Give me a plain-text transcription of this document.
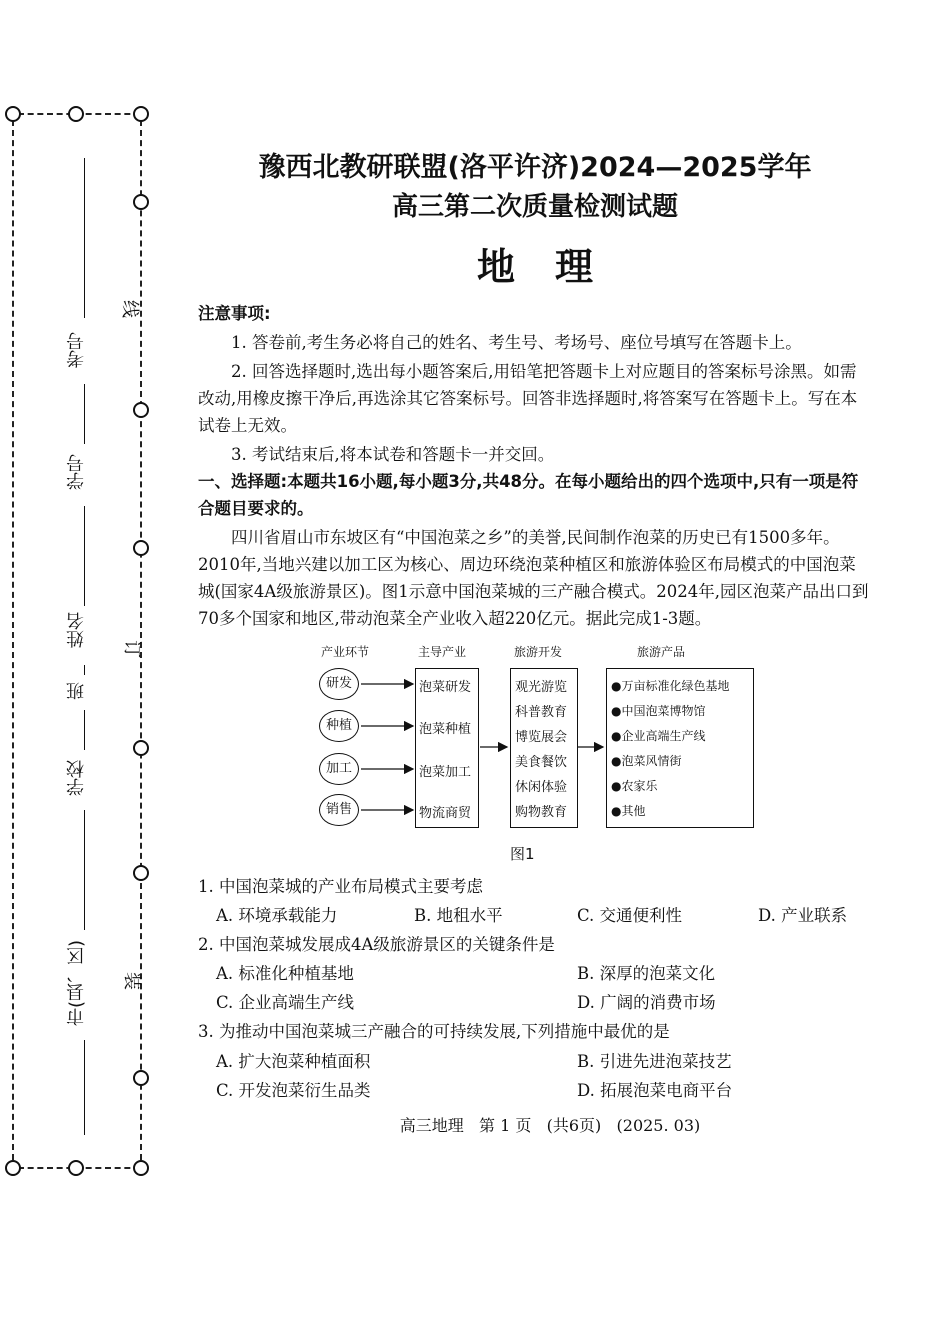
线
订
装
考号
学号
姓名
班
学校
市(县、区)
豫西北教研联盟(洛平许济)2024—2025学年
高三第二次质量检测试题
地理

注意事项:

1. 答卷前,考生务必将自己的姓名、考生号、考场号、座位号填写在答题卡上。

2. 回答选择题时,选出每小题答案后,用铅笔把答题卡上对应题目的答案标号涂黑。如需改动,用橡皮擦干净后,再选涂其它答案标号。回答非选择题时,将答案写在答题卡上。写在本试卷上无效。

3. 考试结束后,将本试卷和答题卡一并交回。

一、选择题:本题共16小题,每小题3分,共48分。在每小题给出的四个选项中,只有一项是符合题目要求的。

四川省眉山市东坡区有“中国泡菜之乡”的美誉,民间制作泡菜的历史已有1500多年。2010年,当地兴建以加工区为核心、周边环绕泡菜种植区和旅游体验区布局模式的中国泡菜城(国家4A级旅游景区)。图1示意中国泡菜城的三产融合模式。2024年,园区泡菜产品出口到70多个国家和地区,带动泡菜全产业收入超220亿元。据此完成1-3题。

产业环节	主导产业	旅游开发	旅游产品
研发
种植
加工
销售
泡菜研发
泡菜种植
泡菜加工
物流商贸
观光游览
科普教育
博览展会
美食餐饮
休闲体验
购物教育
●万亩标准化绿色基地
●中国泡菜博物馆
●企业高端生产线
●泡菜风情街
●农家乐
●其他
图1
1. 中国泡菜城的产业布局模式主要考虑
A. 环境承载能力	B. 地租水平	C. 交通便利性	D. 产业联系
2. 中国泡菜城发展成4A级旅游景区的关键条件是
A. 标准化种植基地	B. 深厚的泡菜文化
C. 企业高端生产线	D. 广阔的消费市场
3. 为推动中国泡菜城三产融合的可持续发展,下列措施中最优的是
A. 扩大泡菜种植面积	B. 引进先进泡菜技艺
C. 开发泡菜衍生品类	D. 拓展泡菜电商平台
高三地理   第 1 页   (共6页)   (2025. 03)
